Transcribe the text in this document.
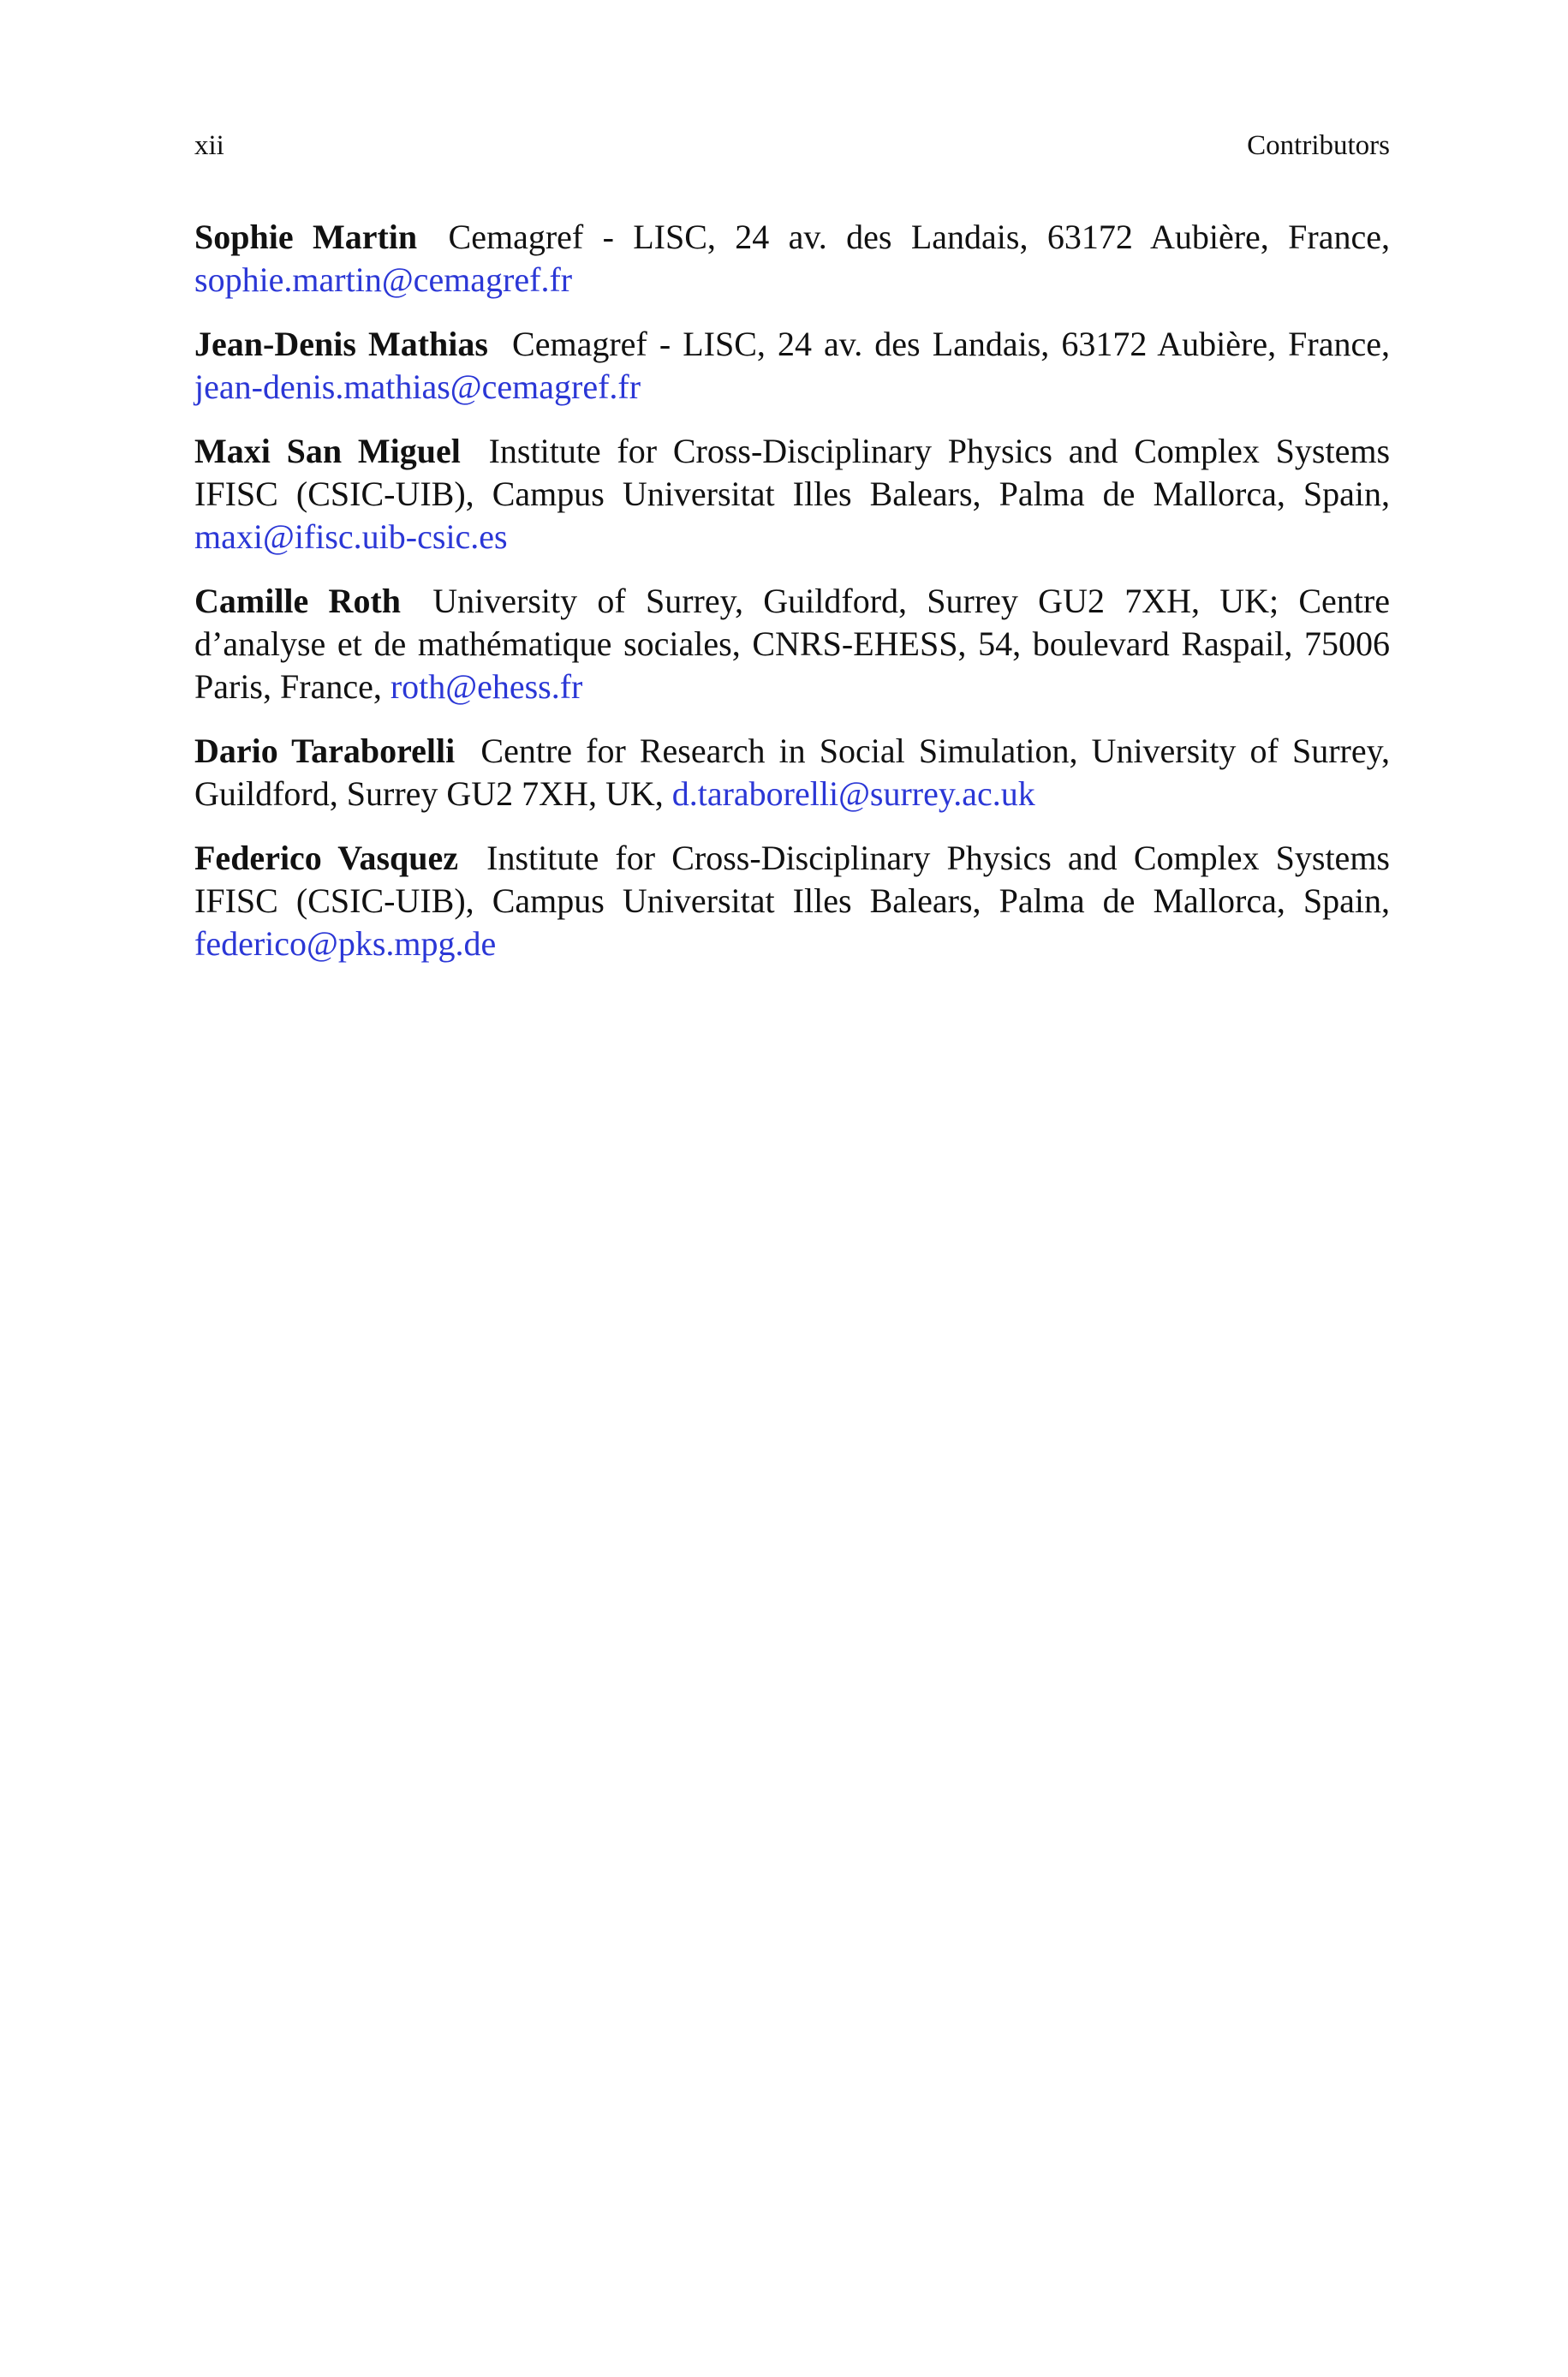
xii	Contributors

Sophie Martin Cemagref - LISC, 24 av. des Landais, 63172 Aubière, France, sophie.martin@cemagref.fr

Jean-Denis Mathias Cemagref - LISC, 24 av. des Landais, 63172 Aubière, France, jean-denis.mathias@cemagref.fr

Maxi San Miguel Institute for Cross-Disciplinary Physics and Complex Systems IFISC (CSIC-UIB), Campus Universitat Illes Balears, Palma de Mallorca, Spain, maxi@ifisc.uib-csic.es

Camille Roth University of Surrey, Guildford, Surrey GU2 7XH, UK; Centre d’analyse et de mathématique sociales, CNRS-EHESS, 54, boulevard Raspail, 75006 Paris, France, roth@ehess.fr

Dario Taraborelli Centre for Research in Social Simulation, University of Surrey, Guildford, Surrey GU2 7XH, UK, d.taraborelli@surrey.ac.uk

Federico Vasquez Institute for Cross-Disciplinary Physics and Complex Systems IFISC (CSIC-UIB), Campus Universitat Illes Balears, Palma de Mallorca, Spain, federico@pks.mpg.de
